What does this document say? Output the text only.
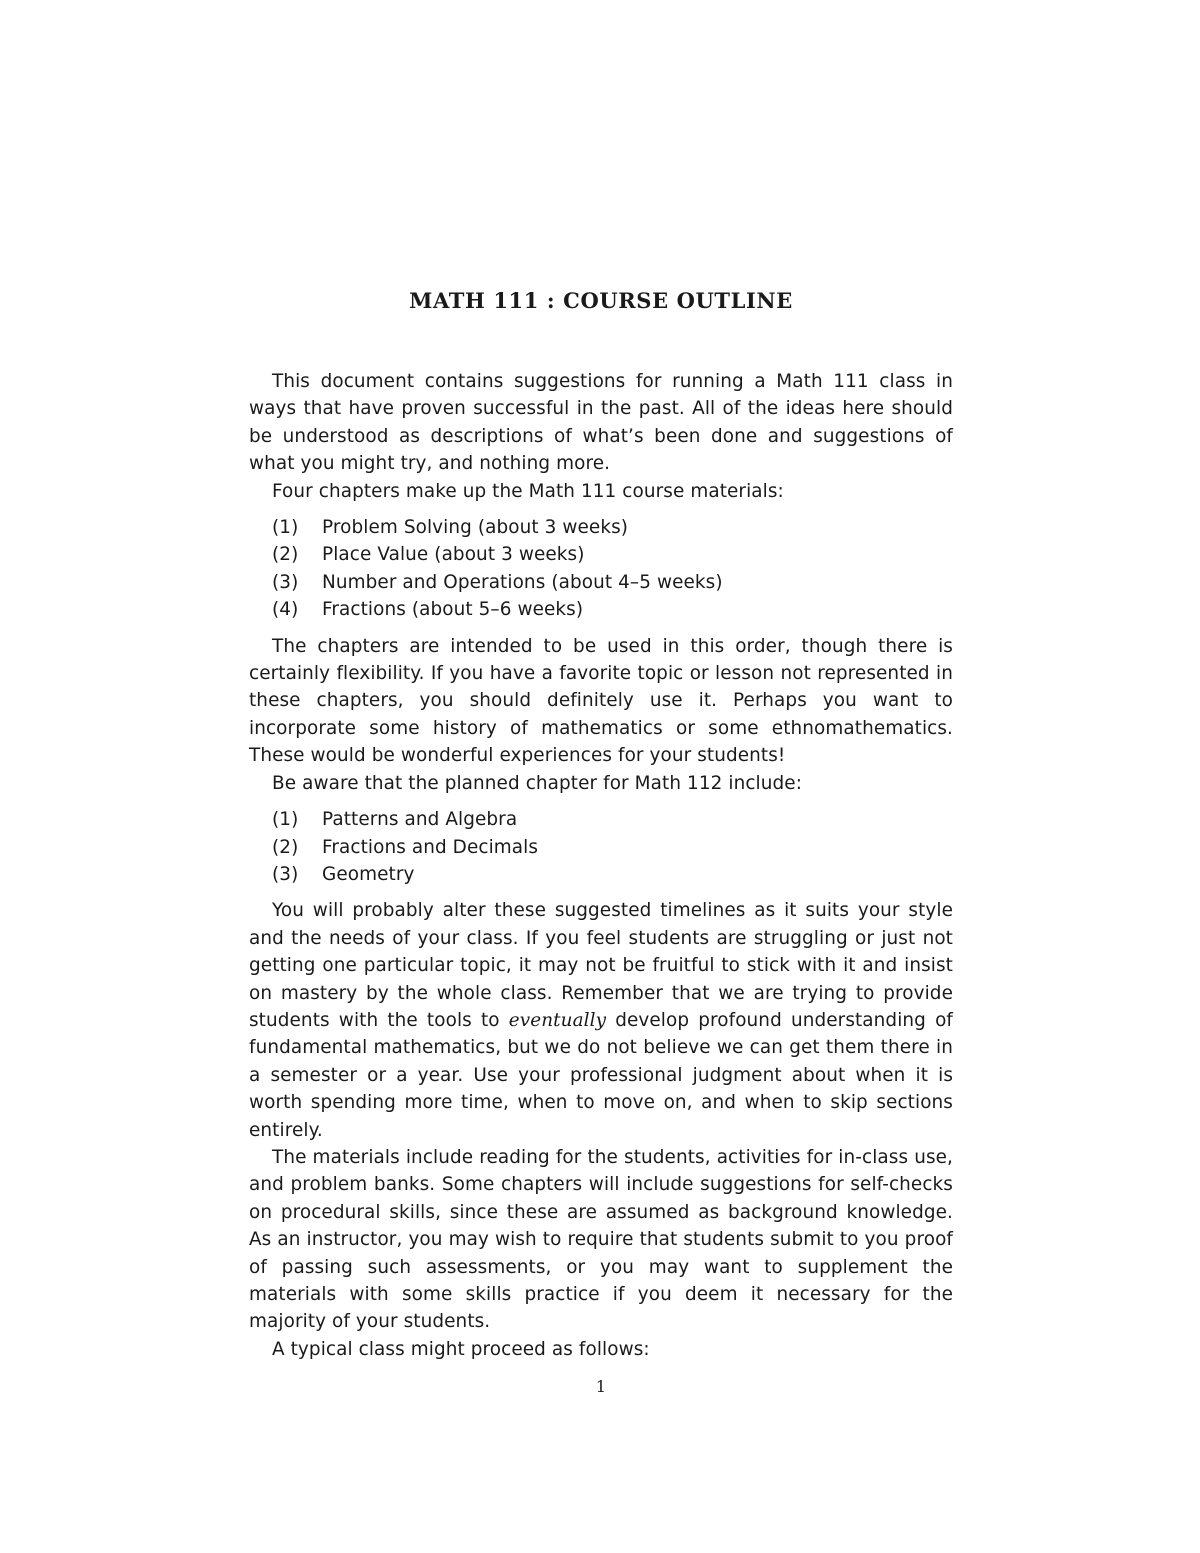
MATH 111 : COURSE OUTLINE

This document contains suggestions for running a Math 111 class in ways that have proven successful in the past. All of the ideas here should be understood as descriptions of what’s been done and suggestions of what you might try, and nothing more.

Four chapters make up the Math 111 course materials:

(1) Problem Solving (about 3 weeks)
(2) Place Value (about 3 weeks)
(3) Number and Operations (about 4–5 weeks)
(4) Fractions (about 5–6 weeks)

The chapters are intended to be used in this order, though there is certainly flexibility. If you have a favorite topic or lesson not represented in these chapters, you should definitely use it. Perhaps you want to incorporate some history of mathematics or some ethnomathematics. These would be wonderful experiences for your students!

Be aware that the planned chapter for Math 112 include:

(1) Patterns and Algebra
(2) Fractions and Decimals
(3) Geometry

You will probably alter these suggested timelines as it suits your style and the needs of your class. If you feel students are struggling or just not getting one particular topic, it may not be fruitful to stick with it and insist on mastery by the whole class. Remember that we are trying to provide students with the tools to eventually develop profound understanding of fundamental mathematics, but we do not believe we can get them there in a semester or a year. Use your professional judgment about when it is worth spending more time, when to move on, and when to skip sections entirely.

The materials include reading for the students, activities for in-class use, and problem banks. Some chapters will include suggestions for self-checks on procedural skills, since these are assumed as background knowledge. As an instructor, you may wish to require that students submit to you proof of passing such assessments, or you may want to supplement the materials with some skills practice if you deem it necessary for the majority of your students.

A typical class might proceed as follows:

1
